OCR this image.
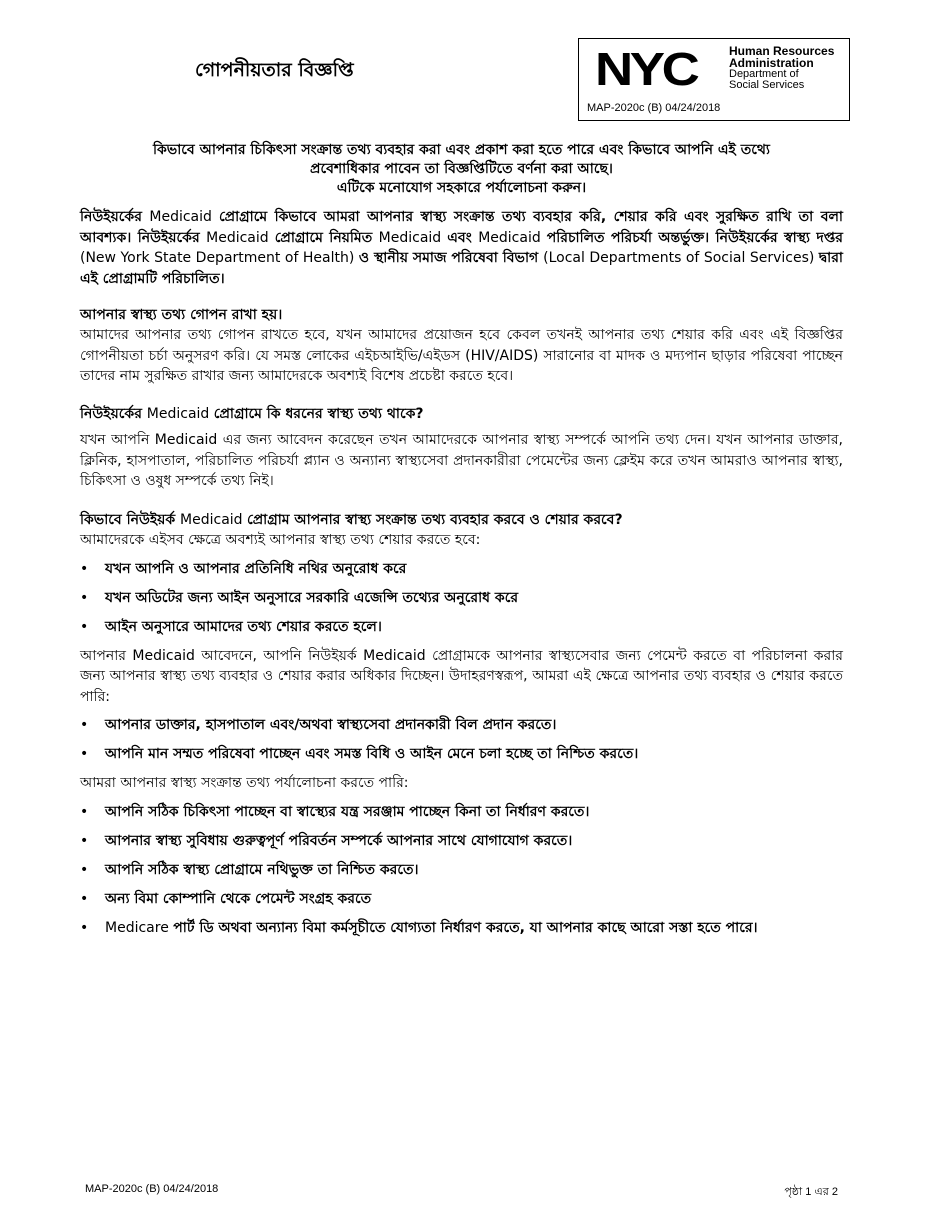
গোপনীয়তার বিজ্ঞপ্তি	NYC	Human Resources
Administration
Department of
Social Services
MAP-2020c (B) 04/24/2018
কিভাবে আপনার চিকিৎসা সংক্রান্ত তথ্য ব্যবহার করা এবং প্রকাশ করা হতে পারে এবং কিভাবে আপনি এই তথ্যে
প্রবেশাধিকার পাবেন তা বিজ্ঞপ্তিটিতে বর্ণনা করা আছে।
এটিকে মনোযোগ সহকারে পর্যালোচনা করুন।

নিউইয়র্কের Medicaid প্রোগ্রামে কিভাবে আমরা আপনার স্বাস্থ্য সংক্রান্ত তথ্য ব্যবহার করি, শেয়ার করি এবং সুরক্ষিত রাখি তা বলা আবশ্যক। নিউইয়র্কের Medicaid প্রোগ্রামে নিয়মিত Medicaid এবং Medicaid পরিচালিত পরিচর্যা অন্তর্ভুক্ত। নিউইয়র্কের স্বাস্থ্য দপ্তর (New York State Department of Health) ও স্থানীয় সমাজ পরিষেবা বিভাগ (Local Departments of Social Services) দ্বারা এই প্রোগ্রামটি পরিচালিত।

আপনার স্বাস্থ্য তথ্য গোপন রাখা হয়।

আমাদের আপনার তথ্য গোপন রাখতে হবে, যখন আমাদের প্রয়োজন হবে কেবল তখনই আপনার তথ্য শেয়ার করি এবং এই বিজ্ঞপ্তির গোপনীয়তা চর্চা অনুসরণ করি। যে সমস্ত লোকের এইচআইভি/এইডস (HIV/AIDS) সারানোর বা মাদক ও মদ্যপান ছাড়ার পরিষেবা পাচ্ছেন তাদের নাম সুরক্ষিত রাখার জন্য আমাদেরকে অবশ্যই বিশেষ প্রচেষ্টা করতে হবে।

নিউইয়র্কের Medicaid প্রোগ্রামে কি ধরনের স্বাস্থ্য তথ্য থাকে?

যখন আপনি Medicaid এর জন্য আবেদন করেছেন তখন আমাদেরকে আপনার স্বাস্থ্য সম্পর্কে আপনি তথ্য দেন। যখন আপনার ডাক্তার, ক্লিনিক, হাসপাতাল, পরিচালিত পরিচর্যা প্ল্যান ও অন্যান্য স্বাস্থ্যসেবা প্রদানকারীরা পেমেন্টের জন্য ক্লেইম করে তখন আমরাও আপনার স্বাস্থ্য, চিকিৎসা ও ওষুধ সম্পর্কে তথ্য নিই।

কিভাবে নিউইয়র্ক Medicaid প্রোগ্রাম আপনার স্বাস্থ্য সংক্রান্ত তথ্য ব্যবহার করবে ও শেয়ার করবে?

আমাদেরকে এইসব ক্ষেত্রে অবশ্যই আপনার স্বাস্থ্য তথ্য শেয়ার করতে হবে:

• যখন আপনি ও আপনার প্রতিনিধি নথির অনুরোধ করে
• যখন অডিটের জন্য আইন অনুসারে সরকারি এজেন্সি তথ্যের অনুরোধ করে
• আইন অনুসারে আমাদের তথ্য শেয়ার করতে হলে।

আপনার Medicaid আবেদনে, আপনি নিউইয়র্ক Medicaid প্রোগ্রামকে আপনার স্বাস্থ্যসেবার জন্য পেমেন্ট করতে বা পরিচালনা করার জন্য আপনার স্বাস্থ্য তথ্য ব্যবহার ও শেয়ার করার অধিকার দিচ্ছেন। উদাহরণস্বরূপ, আমরা এই ক্ষেত্রে আপনার তথ্য ব্যবহার ও শেয়ার করতে পারি:

• আপনার ডাক্তার, হাসপাতাল এবং/অথবা স্বাস্থ্যসেবা প্রদানকারী বিল প্রদান করতে।
• আপনি মান সম্মত পরিষেবা পাচ্ছেন এবং সমস্ত বিধি ও আইন মেনে চলা হচ্ছে তা নিশ্চিত করতে।

আমরা আপনার স্বাস্থ্য সংক্রান্ত তথ্য পর্যালোচনা করতে পারি:

• আপনি সঠিক চিকিৎসা পাচ্ছেন বা স্বাস্থ্যের যন্ত্র সরঞ্জাম পাচ্ছেন কিনা তা নির্ধারণ করতে।
• আপনার স্বাস্থ্য সুবিধায় গুরুত্বপূর্ণ পরিবর্তন সম্পর্কে আপনার সাথে যোগাযোগ করতে।
• আপনি সঠিক স্বাস্থ্য প্রোগ্রামে নথিভুক্ত তা নিশ্চিত করতে।
• অন্য বিমা কোম্পানি থেকে পেমেন্ট সংগ্রহ করতে
• Medicare পার্ট ডি অথবা অন্যান্য বিমা কর্মসূচীতে যোগ্যতা নির্ধারণ করতে, যা আপনার কাছে আরো সস্তা হতে পারে।
MAP-2020c (B) 04/24/2018	পৃষ্ঠা 1 এর 2
